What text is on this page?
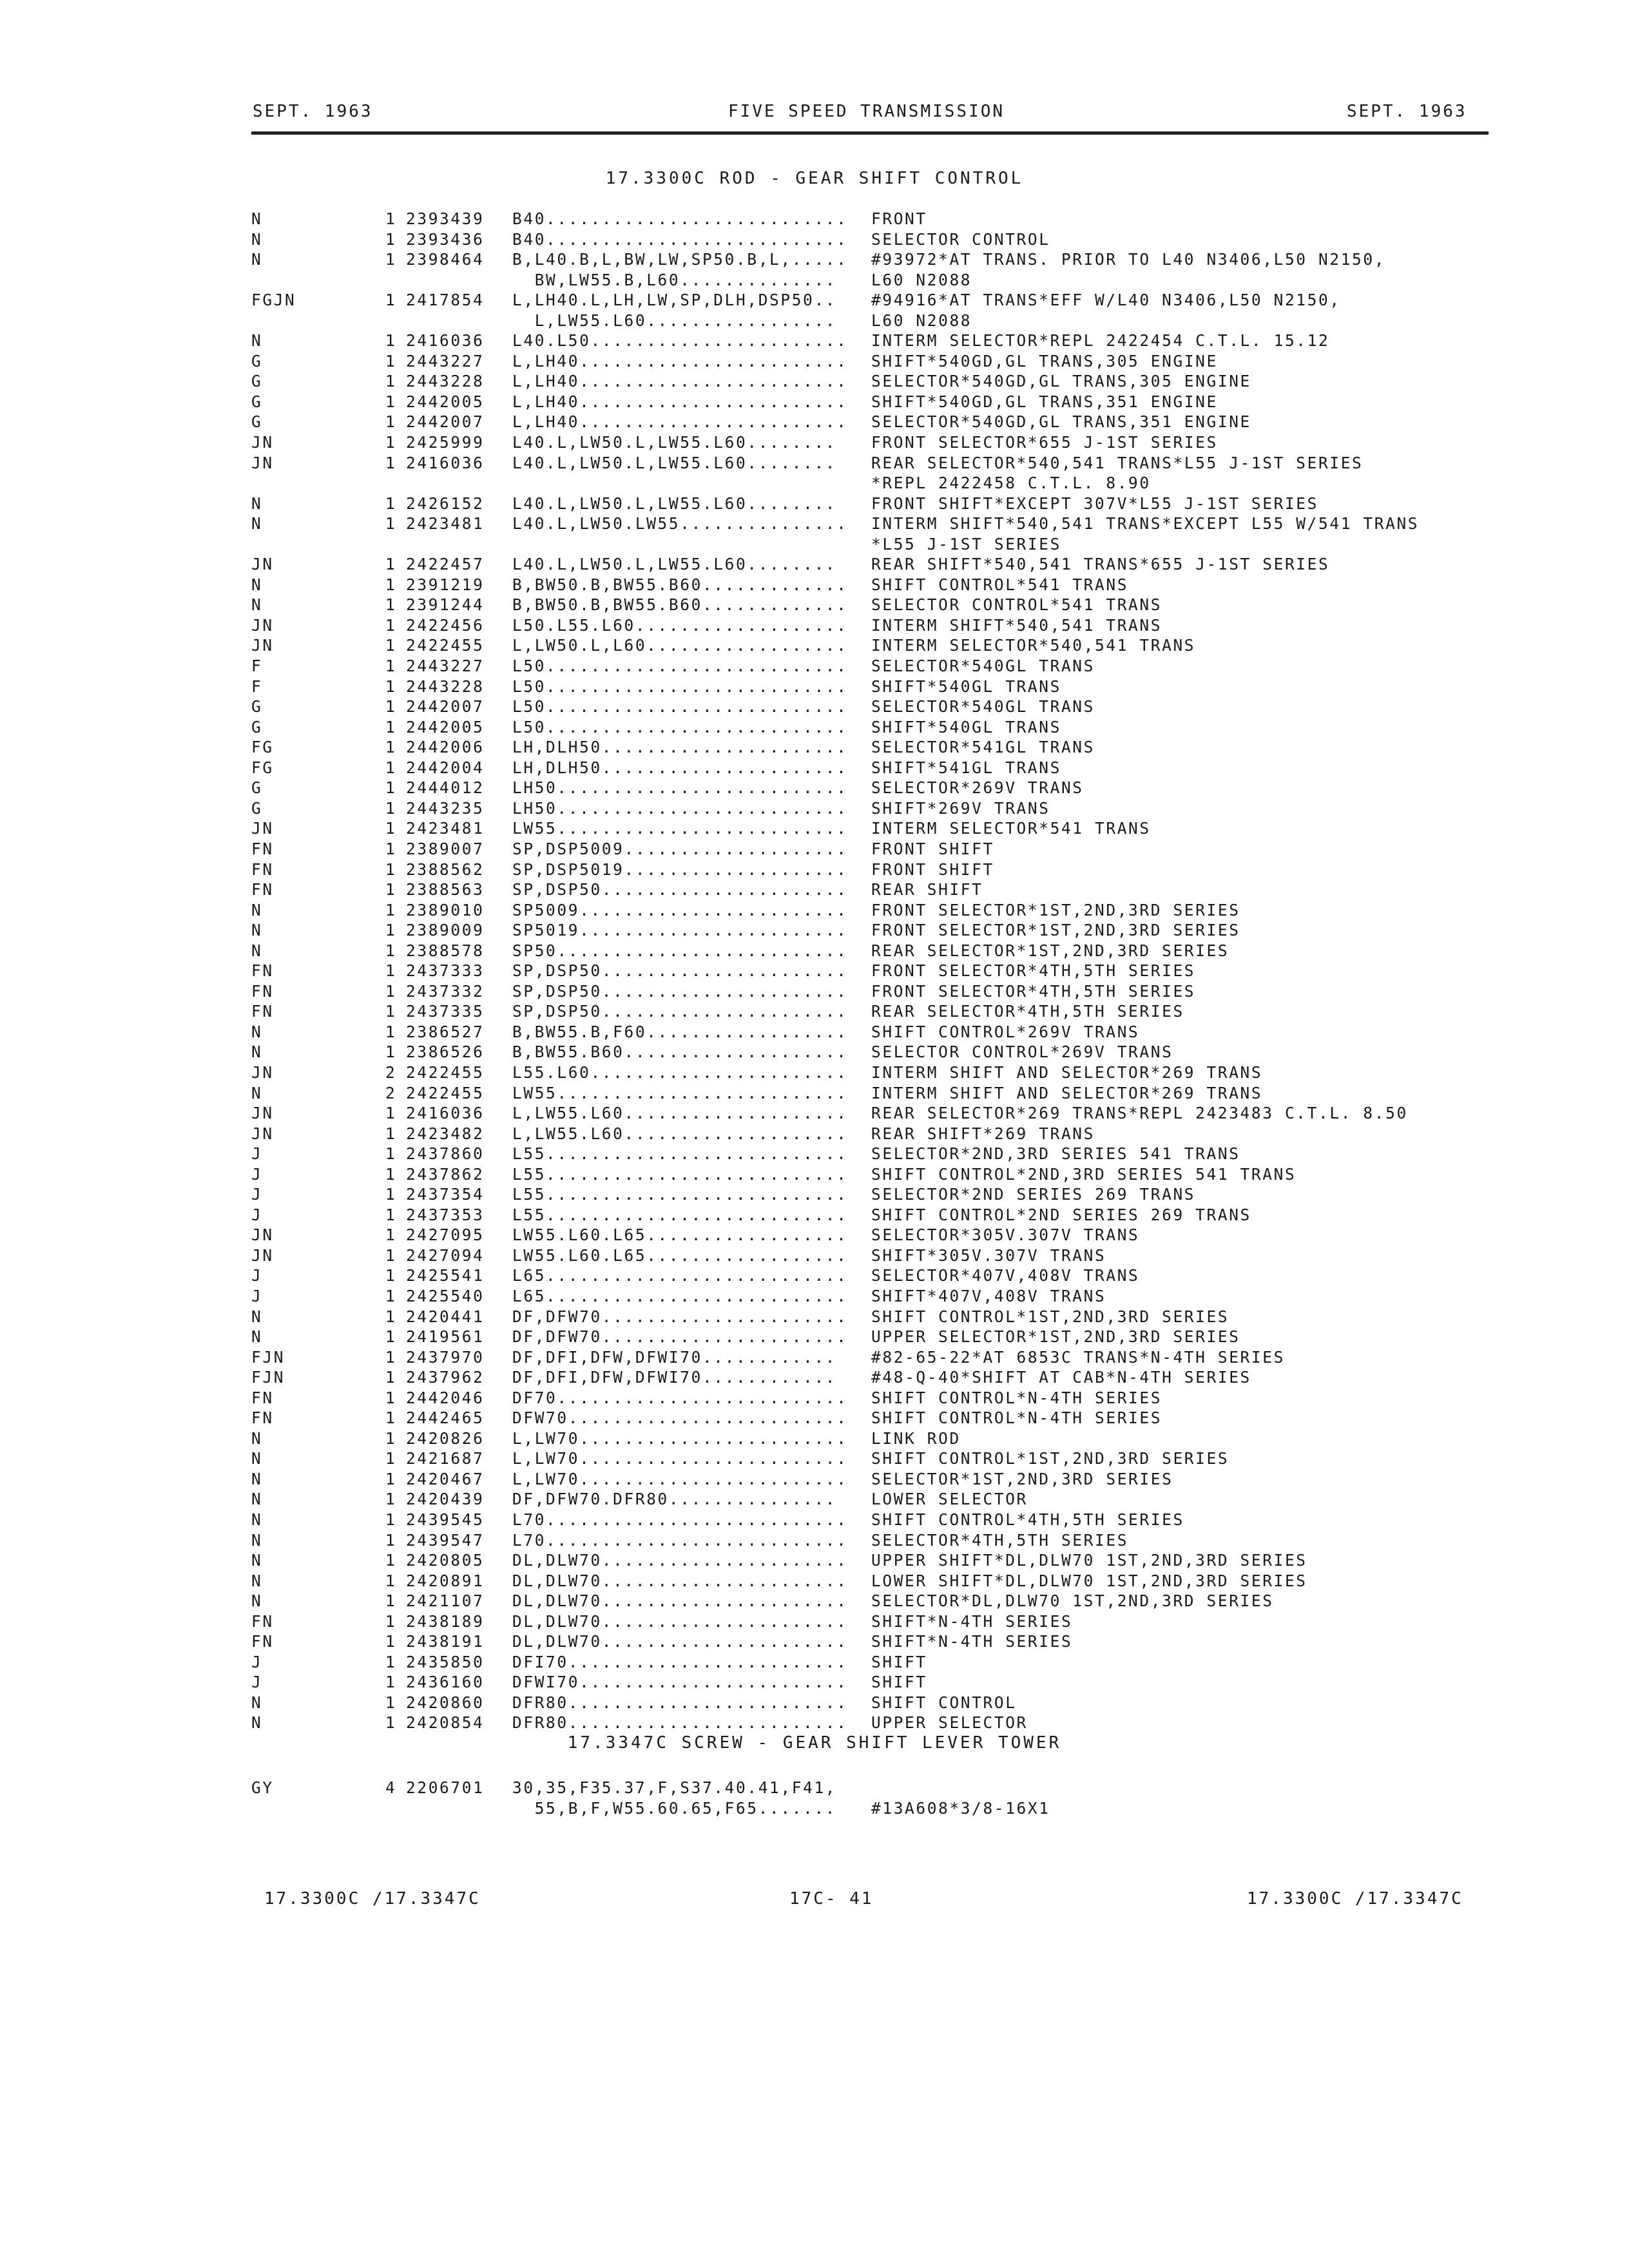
SEPT. 1963	FIVE SPEED TRANSMISSION	SEPT. 1963
17.3300C ROD - GEAR SHIFT CONTROL
N	1 2393439 B40........................... FRONT
N	1 2393436 B40........................... SELECTOR CONTROL
N	1 2398464 B,L40.B,L,BW,LW,SP50.B,L,..... #93972*AT TRANS. PRIOR TO L40 N3406,L50 N2150,
BW,LW55.B,L60.............. L60 N2088
FGJN	1 2417854 L,LH40.L,LH,LW,SP,DLH,DSP50.. #94916*AT TRANS*EFF W/L40 N3406,L50 N2150,
L,LW55.L60................. L60 N2088
N	1 2416036 L40.L50....................... INTERM SELECTOR*REPL 2422454 C.T.L. 15.12
G	1 2443227 L,LH40........................ SHIFT*540GD,GL TRANS,305 ENGINE
G	1 2443228 L,LH40........................ SELECTOR*540GD,GL TRANS,305 ENGINE
G	1 2442005 L,LH40........................ SHIFT*540GD,GL TRANS,351 ENGINE
G	1 2442007 L,LH40........................ SELECTOR*540GD,GL TRANS,351 ENGINE
JN	1 2425999 L40.L,LW50.L,LW55.L60........ FRONT SELECTOR*655 J-1ST SERIES
JN	1 2416036 L40.L,LW50.L,LW55.L60........ REAR SELECTOR*540,541 TRANS*L55 J-1ST SERIES
*REPL 2422458 C.T.L. 8.90
N	1 2426152 L40.L,LW50.L,LW55.L60........ FRONT SHIFT*EXCEPT 307V*L55 J-1ST SERIES
N	1 2423481 L40.L,LW50.LW55............... INTERM SHIFT*540,541 TRANS*EXCEPT L55 W/541 TRANS
*L55 J-1ST SERIES
JN	1 2422457 L40.L,LW50.L,LW55.L60........ REAR SHIFT*540,541 TRANS*655 J-1ST SERIES
N	1 2391219 B,BW50.B,BW55.B60............. SHIFT CONTROL*541 TRANS
N	1 2391244 B,BW50.B,BW55.B60............. SELECTOR CONTROL*541 TRANS
JN	1 2422456 L50.L55.L60................... INTERM SHIFT*540,541 TRANS
JN	1 2422455 L,LW50.L,L60.................. INTERM SELECTOR*540,541 TRANS
F	1 2443227 L50........................... SELECTOR*540GL TRANS
F	1 2443228 L50........................... SHIFT*540GL TRANS
G	1 2442007 L50........................... SELECTOR*540GL TRANS
G	1 2442005 L50........................... SHIFT*540GL TRANS
FG	1 2442006 LH,DLH50...................... SELECTOR*541GL TRANS
FG	1 2442004 LH,DLH50...................... SHIFT*541GL TRANS
G	1 2444012 LH50.......................... SELECTOR*269V TRANS
G	1 2443235 LH50.......................... SHIFT*269V TRANS
JN	1 2423481 LW55.......................... INTERM SELECTOR*541 TRANS
FN	1 2389007 SP,DSP5009.................... FRONT SHIFT
FN	1 2388562 SP,DSP5019.................... FRONT SHIFT
FN	1 2388563 SP,DSP50...................... REAR SHIFT
N	1 2389010 SP5009........................ FRONT SELECTOR*1ST,2ND,3RD SERIES
N	1 2389009 SP5019........................ FRONT SELECTOR*1ST,2ND,3RD SERIES
N	1 2388578 SP50.......................... REAR SELECTOR*1ST,2ND,3RD SERIES
FN	1 2437333 SP,DSP50...................... FRONT SELECTOR*4TH,5TH SERIES
FN	1 2437332 SP,DSP50...................... FRONT SELECTOR*4TH,5TH SERIES
FN	1 2437335 SP,DSP50...................... REAR SELECTOR*4TH,5TH SERIES
N	1 2386527 B,BW55.B,F60.................. SHIFT CONTROL*269V TRANS
N	1 2386526 B,BW55.B60.................... SELECTOR CONTROL*269V TRANS
JN	2 2422455 L55.L60....................... INTERM SHIFT AND SELECTOR*269 TRANS
N	2 2422455 LW55.......................... INTERM SHIFT AND SELECTOR*269 TRANS
JN	1 2416036 L,LW55.L60.................... REAR SELECTOR*269 TRANS*REPL 2423483 C.T.L. 8.50
JN	1 2423482 L,LW55.L60.................... REAR SHIFT*269 TRANS
J	1 2437860 L55........................... SELECTOR*2ND,3RD SERIES 541 TRANS
J	1 2437862 L55........................... SHIFT CONTROL*2ND,3RD SERIES 541 TRANS
J	1 2437354 L55........................... SELECTOR*2ND SERIES 269 TRANS
J	1 2437353 L55........................... SHIFT CONTROL*2ND SERIES 269 TRANS
JN	1 2427095 LW55.L60.L65.................. SELECTOR*305V.307V TRANS
JN	1 2427094 LW55.L60.L65.................. SHIFT*305V.307V TRANS
J	1 2425541 L65........................... SELECTOR*407V,408V TRANS
J	1 2425540 L65........................... SHIFT*407V,408V TRANS
N	1 2420441 DF,DFW70...................... SHIFT CONTROL*1ST,2ND,3RD SERIES
N	1 2419561 DF,DFW70...................... UPPER SELECTOR*1ST,2ND,3RD SERIES
FJN	1 2437970 DF,DFI,DFW,DFWI70............ #82-65-22*AT 6853C TRANS*N-4TH SERIES
FJN	1 2437962 DF,DFI,DFW,DFWI70............ #48-Q-40*SHIFT AT CAB*N-4TH SERIES
FN	1 2442046 DF70.......................... SHIFT CONTROL*N-4TH SERIES
FN	1 2442465 DFW70......................... SHIFT CONTROL*N-4TH SERIES
N	1 2420826 L,LW70........................ LINK ROD
N	1 2421687 L,LW70........................ SHIFT CONTROL*1ST,2ND,3RD SERIES
N	1 2420467 L,LW70........................ SELECTOR*1ST,2ND,3RD SERIES
N	1 2420439 DF,DFW70.DFR80............... LOWER SELECTOR
N	1 2439545 L70........................... SHIFT CONTROL*4TH,5TH SERIES
N	1 2439547 L70........................... SELECTOR*4TH,5TH SERIES
N	1 2420805 DL,DLW70...................... UPPER SHIFT*DL,DLW70 1ST,2ND,3RD SERIES
N	1 2420891 DL,DLW70...................... LOWER SHIFT*DL,DLW70 1ST,2ND,3RD SERIES
N	1 2421107 DL,DLW70...................... SELECTOR*DL,DLW70 1ST,2ND,3RD SERIES
FN	1 2438189 DL,DLW70...................... SHIFT*N-4TH SERIES
FN	1 2438191 DL,DLW70...................... SHIFT*N-4TH SERIES
J	1 2435850 DFI70......................... SHIFT
J	1 2436160 DFWI70........................ SHIFT
N	1 2420860 DFR80......................... SHIFT CONTROL
N	1 2420854 DFR80......................... UPPER SELECTOR
17.3347C SCREW - GEAR SHIFT LEVER TOWER
GY	4 2206701 30,35,F35.37,F,S37.40.41,F41,
55,B,F,W55.60.65,F65....... #13A608*3/8-16X1
17.3300C /17.3347C	17C- 41	17.3300C /17.3347C
